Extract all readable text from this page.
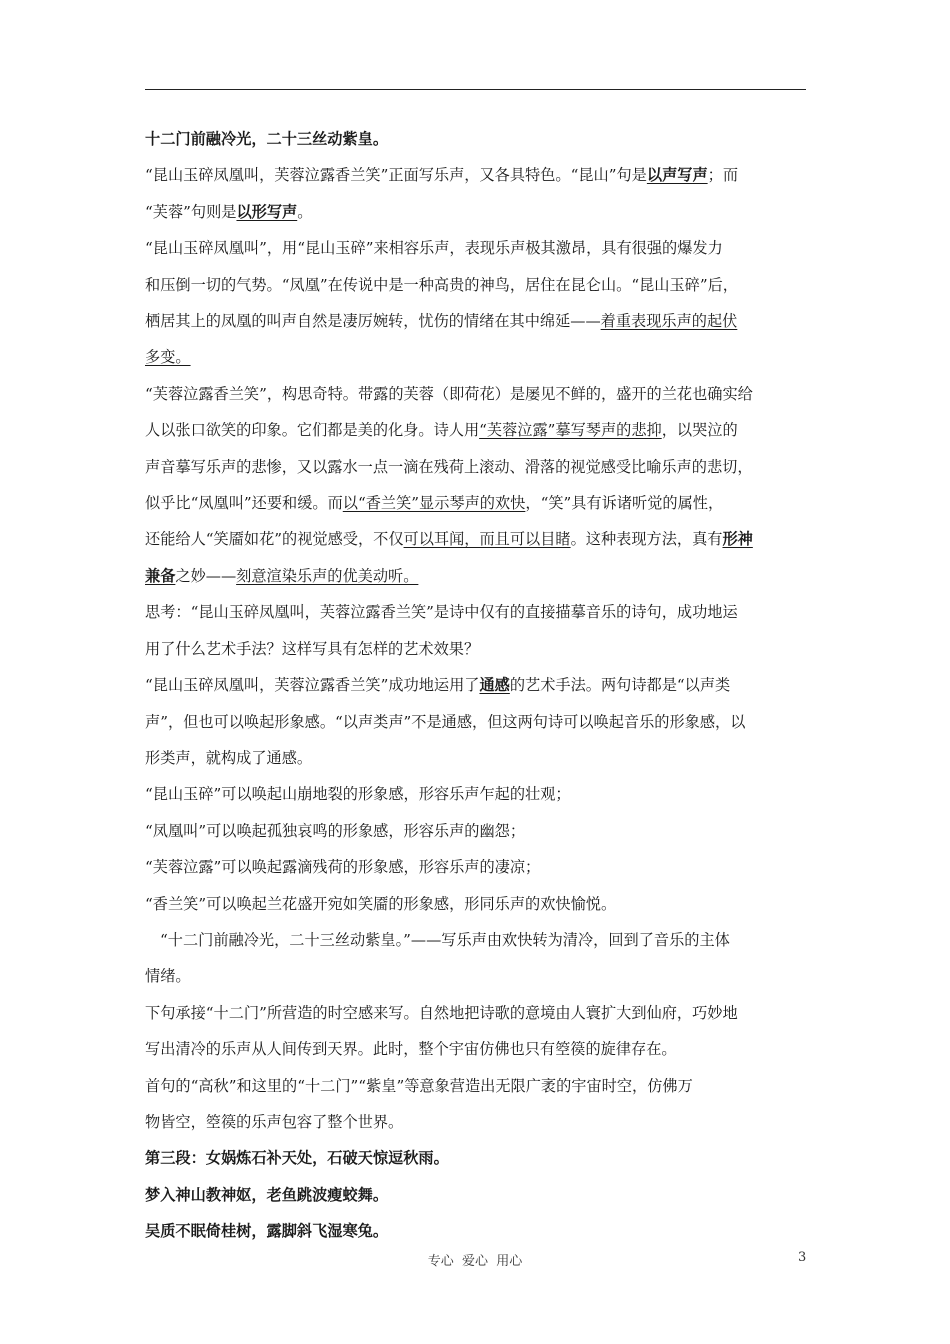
十二门前融冷光，二十三丝动紫皇。

“昆山玉碎凤凰叫，芙蓉泣露香兰笑”正面写乐声，又各具特色。“昆山”句是以声写声；而

“芙蓉”句则是以形写声。

“昆山玉碎凤凰叫”，用“昆山玉碎”来相容乐声，表现乐声极其激昂，具有很强的爆发力

和压倒一切的气势。“凤凰”在传说中是一种高贵的神鸟，居住在昆仑山。“昆山玉碎”后，

栖居其上的凤凰的叫声自然是凄厉婉转，忧伤的情绪在其中绵延——着重表现乐声的起伏

多变。

“芙蓉泣露香兰笑”，构思奇特。带露的芙蓉（即荷花）是屡见不鲜的，盛开的兰花也确实给

人以张口欲笑的印象。它们都是美的化身。诗人用“芙蓉泣露”摹写琴声的悲抑，以哭泣的

声音摹写乐声的悲惨，又以露水一点一滴在残荷上滚动、滑落的视觉感受比喻乐声的悲切，

似乎比“凤凰叫”还要和缓。而以“香兰笑”显示琴声的欢快，“笑”具有诉诸听觉的属性，

还能给人“笑靥如花”的视觉感受，不仅可以耳闻，而且可以目睹。这种表现方法，真有形神

兼备之妙——刻意渲染乐声的优美动听。

思考：“昆山玉碎凤凰叫，芙蓉泣露香兰笑”是诗中仅有的直接描摹音乐的诗句，成功地运

用了什么艺术手法？这样写具有怎样的艺术效果？

“昆山玉碎凤凰叫，芙蓉泣露香兰笑”成功地运用了通感的艺术手法。两句诗都是“以声类

声”，但也可以唤起形象感。“以声类声”不是通感，但这两句诗可以唤起音乐的形象感，以

形类声，就构成了通感。

“昆山玉碎”可以唤起山崩地裂的形象感，形容乐声乍起的壮观；

“凤凰叫”可以唤起孤独哀鸣的形象感，形容乐声的幽怨；

“芙蓉泣露”可以唤起露滴残荷的形象感，形容乐声的凄凉；

“香兰笑”可以唤起兰花盛开宛如笑靥的形象感，形同乐声的欢快愉悦。

“十二门前融冷光，二十三丝动紫皇。”——写乐声由欢快转为清冷，回到了音乐的主体

情绪。

下句承接“十二门”所营造的时空感来写。自然地把诗歌的意境由人寰扩大到仙府，巧妙地

写出清冷的乐声从人间传到天界。此时，整个宇宙仿佛也只有箜篌的旋律存在。

首句的“高秋”和这里的“十二门”“紫皇”等意象营造出无限广袤的宇宙时空，仿佛万

物皆空，箜篌的乐声包容了整个世界。

第三段：女娲炼石补天处，石破天惊逗秋雨。

梦入神山教神妪，老鱼跳波瘦蛟舞。

吴质不眠倚桂树，露脚斜飞湿寒兔。

专心  爱心  用心	3
